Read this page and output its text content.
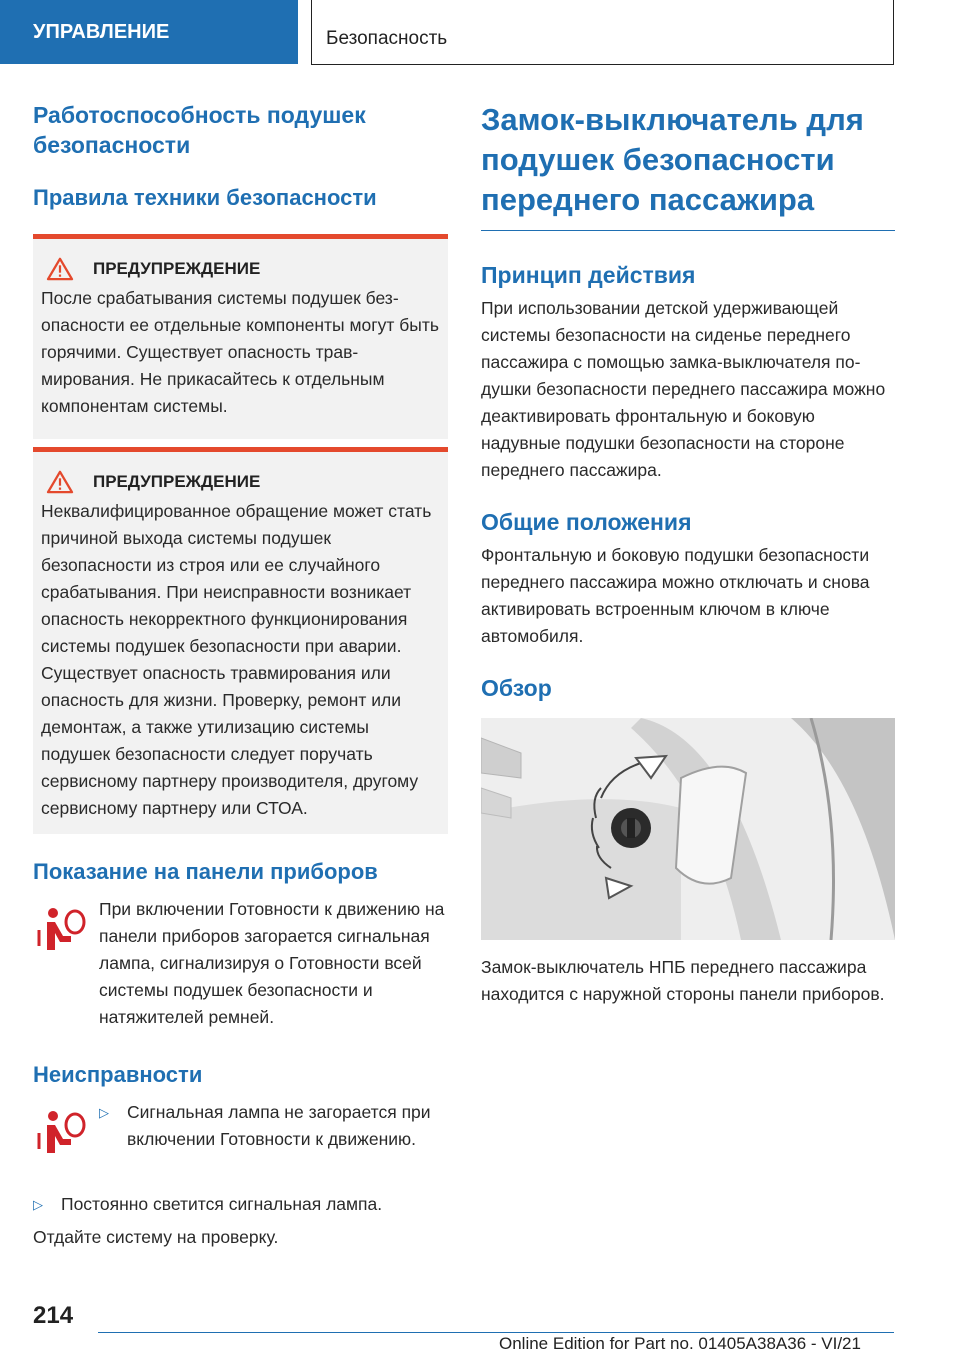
УПРАВЛЕНИЕ	Безопасность
Работоспособность подушек безопасности
Правила техники безопасности
ПРЕДУПРЕЖДЕНИЕ

После срабатывания системы подушек безопасности ее отдельные компоненты могут быть горячими. Существует опасность травмирования. Не прикасайтесь к отдельным компонентам системы.

ПРЕДУПРЕЖДЕНИЕ

Неквалифицированное обращение может стать причиной выхода системы подушек безопасности из строя или ее случайного срабатывания. При неисправности возникает опасность некорректного функционирования системы подушек безопасности при аварии. Существует опасность травмирования или опасность для жизни. Проверку, ремонт или демонтаж, а также утилизацию системы подушек безопасности следует поручать сервисному партнеру производителя, другому сервисному партнеру или СТОА.

Показание на панели приборов

При включении Готовности к движению на панели приборов загорается сигнальная лампа, сигнализируя о Готовности всей системы подушек безопасности и натяжителей ремней.

Неисправности
▷	Сигнальная лампа не загорается при включении Готовности к движению.
▷	Постоянно светится сигнальная лампа.

Отдайте систему на проверку.

Замок-выключатель для подушек безопасности переднего пассажира
Принцип действия

При использовании детской удерживающей системы безопасности на сиденье переднего пассажира с помощью замка-выключателя подушки безопасности переднего пассажира можно деактивировать фронтальную и боковую надувные подушки безопасности на стороне переднего пассажира.

Общие положения

Фронтальную и боковую подушки безопасности переднего пассажира можно отключать и снова активировать встроенным ключом в ключе автомобиля.

Обзор

Замок-выключатель НПБ переднего пассажира находится с наружной стороны панели приборов.

214
Online Edition for Part no. 01405A38A36 - VI/21
